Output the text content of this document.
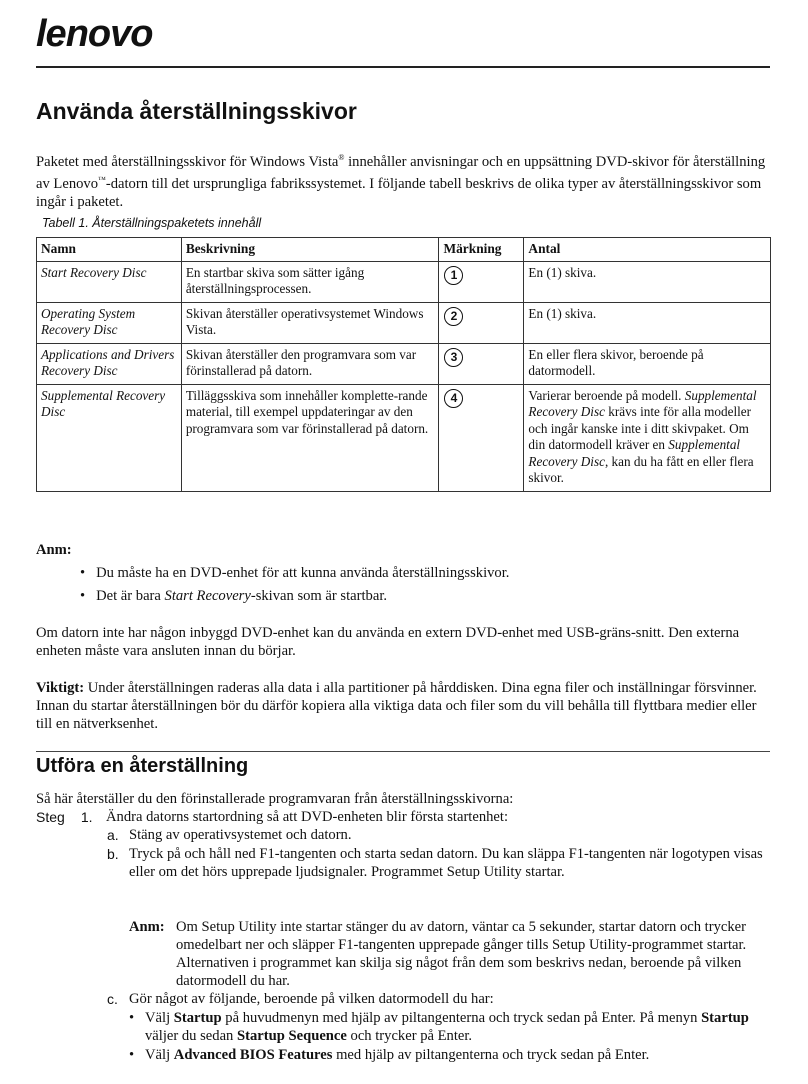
lenovo
Använda återställningsskivor

Paketet med återställningsskivor för Windows Vista® innehåller anvisningar och en uppsättning DVD-skivor för återställning av Lenovo™-datorn till det ursprungliga fabrikssystemet. I följande tabell beskrivs de olika typer av återställningsskivor som ingår i paketet.

Tabell 1. Återställningspaketets innehåll
Namn	Beskrivning	Märkning	Antal
Start Recovery Disc	En startbar skiva som sätter igång återställningsprocessen.	1	En (1) skiva.
Operating System Recovery Disc	Skivan återställer operativsystemet Windows Vista.	2	En (1) skiva.
Applications and Drivers Recovery Disc	Skivan återställer den programvara som var förinstallerad på datorn.	3	En eller flera skivor, beroende på datormodell.
Supplemental Recovery Disc	Tilläggsskiva som innehåller komplette-rande material, till exempel uppdateringar av den programvara som var förinstallerad på datorn.	4	Varierar beroende på modell. Supplemental Recovery Disc krävs inte för alla modeller och ingår kanske inte i ditt skivpaket. Om din datormodell kräver en Supplemental Recovery Disc, kan du ha fått en eller flera skivor.
Anm:
•   Du måste ha en DVD-enhet för att kunna använda återställningsskivor.
•   Det är bara Start Recovery-skivan som är startbar.

Om datorn inte har någon inbyggd DVD-enhet kan du använda en extern DVD-enhet med USB-gräns-snitt. Den externa enheten måste vara ansluten innan du börjar.

Viktigt: Under återställningen raderas alla data i alla partitioner på hårddisken. Dina egna filer och inställningar försvinner. Innan du startar återställningen bör du därför kopiera alla viktiga data och filer som du vill behålla till flyttbara medier eller till en nätverksenhet.

Utföra en återställning

Så här återställer du den förinstallerade programvaran från återställningsskivorna:

Steg 1. Ändra datorns startordning så att DVD-enheten blir första startenhet:

a. Stäng av operativsystemet och datorn.

b. Tryck på och håll ned F1-tangenten och starta sedan datorn. Du kan släppa F1-tangenten när logotypen visas eller om det hörs upprepade ljudsignaler. Programmet Setup Utility startar.

Anm: Om Setup Utility inte startar stänger du av datorn, väntar ca 5 sekunder, startar datorn och trycker omedelbart ner och släpper F1-tangenten upprepade gånger tills Setup Utility-programmet startar. Alternativen i programmet kan skilja sig något från dem som beskrivs nedan, beroende på vilken datormodell du har.

c. Gör något av följande, beroende på vilken datormodell du har:

• Välj Startup på huvudmenyn med hjälp av piltangenterna och tryck sedan på Enter. På menyn Startup väljer du sedan Startup Sequence och trycker på Enter.

• Välj Advanced BIOS Features med hjälp av piltangenterna och tryck sedan på Enter.
